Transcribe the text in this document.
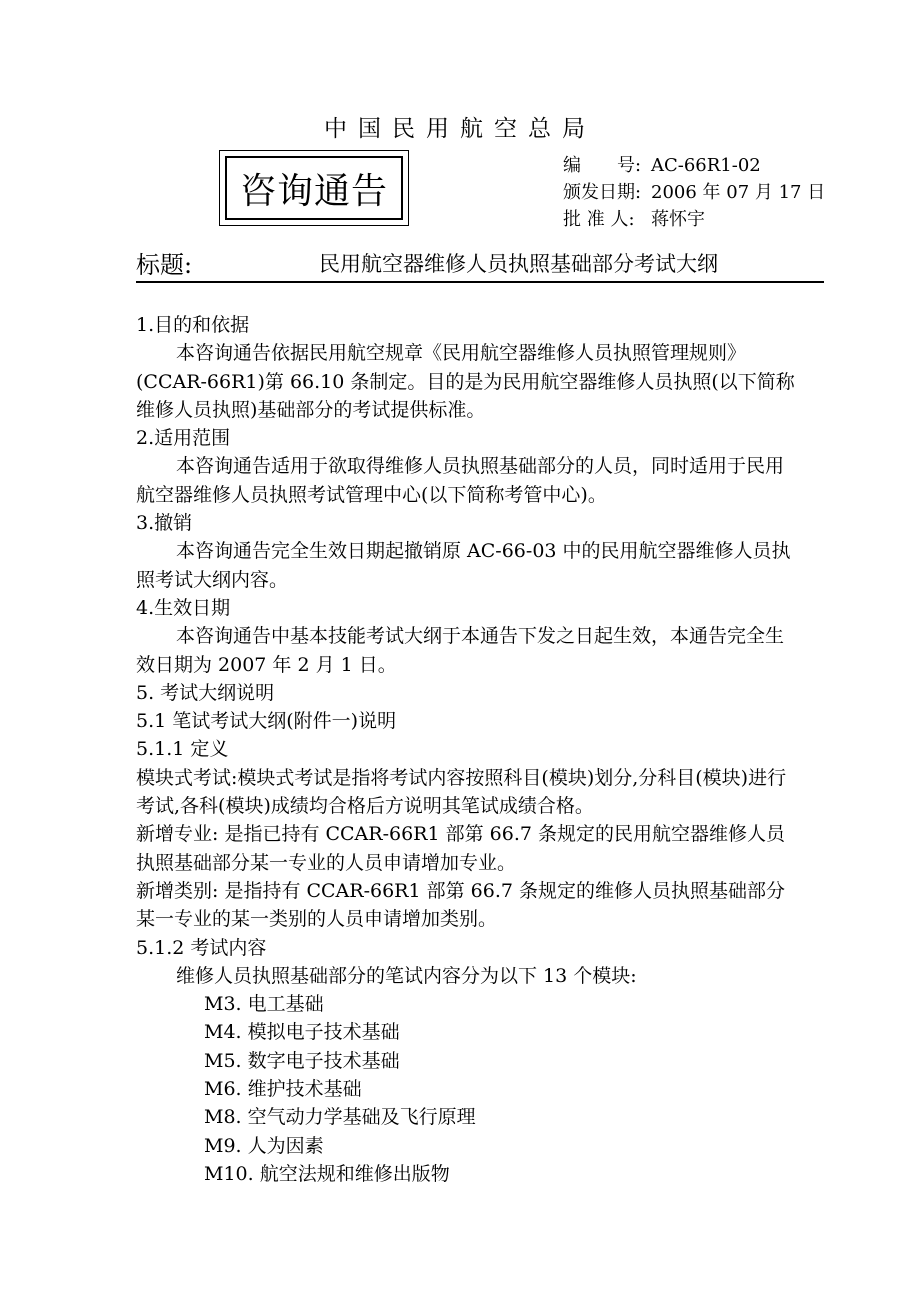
中国民用航空总局
咨询通告
编　　号: AC-66R1-02
颁发日期: 2006 年 07 月 17 日
批 准 人: 蒋怀宇
标题:	民用航空器维修人员执照基础部分考试大纲

1.目的和依据

本咨询通告依据民用航空规章《民用航空器维修人员执照管理规则》(CCAR-66R1)第 66.10 条制定。目的是为民用航空器维修人员执照(以下简称维修人员执照)基础部分的考试提供标准。

2.适用范围

本咨询通告适用于欲取得维修人员执照基础部分的人员，同时适用于民用航空器维修人员执照考试管理中心(以下简称考管中心)。

3.撤销

本咨询通告完全生效日期起撤销原 AC-66-03 中的民用航空器维修人员执照考试大纲内容。

4.生效日期

本咨询通告中基本技能考试大纲于本通告下发之日起生效，本通告完全生效日期为 2007 年 2 月 1 日。

5. 考试大纲说明

5.1 笔试考试大纲(附件一)说明

5.1.1 定义

模块式考试:模块式考试是指将考试内容按照科目(模块)划分,分科目(模块)进行考试,各科(模块)成绩均合格后方说明其笔试成绩合格。

新增专业: 是指已持有 CCAR-66R1 部第 66.7 条规定的民用航空器维修人员执照基础部分某一专业的人员申请增加专业。

新增类别: 是指持有 CCAR-66R1 部第 66.7 条规定的维修人员执照基础部分某一专业的某一类别的人员申请增加类别。

5.1.2 考试内容

维修人员执照基础部分的笔试内容分为以下 13 个模块:

M3. 电工基础

M4. 模拟电子技术基础

M5. 数字电子技术基础

M6. 维护技术基础

M8. 空气动力学基础及飞行原理

M9. 人为因素

M10. 航空法规和维修出版物
